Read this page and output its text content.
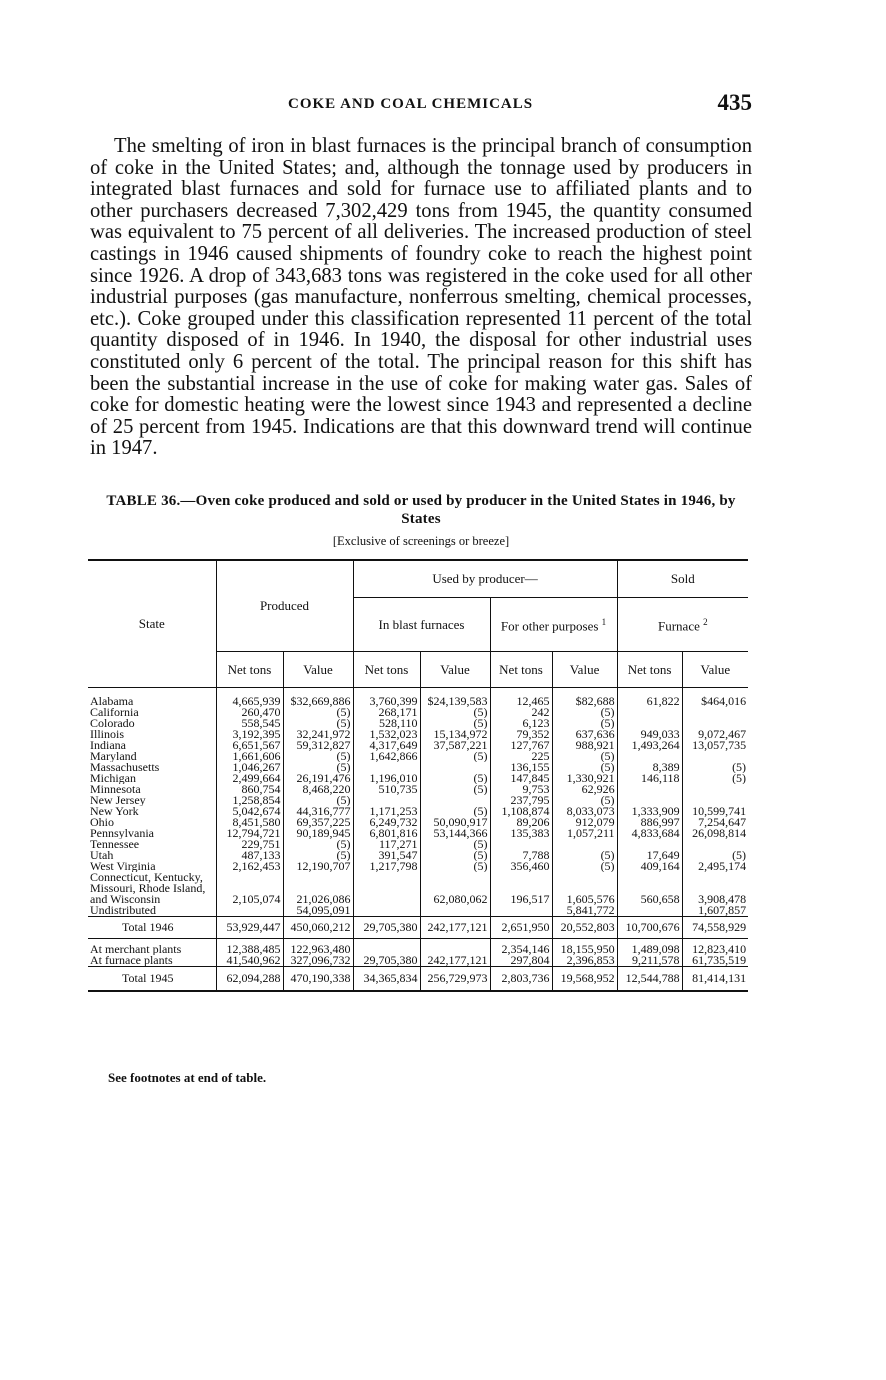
COKE AND COAL CHEMICALS	435
The smelting of iron in blast furnaces is the principal branch of consumption of coke in the United States; and, although the tonnage used by producers in integrated blast furnaces and sold for furnace use to affiliated plants and to other purchasers decreased 7,302,429 tons from 1945, the quantity consumed was equivalent to 75 percent of all deliveries. The increased production of steel castings in 1946 caused shipments of foundry coke to reach the highest point since 1926. A drop of 343,683 tons was registered in the coke used for all other industrial purposes (gas manufacture, nonferrous smelting, chemical processes, etc.). Coke grouped under this classification represented 11 percent of the total quantity disposed of in 1946. In 1940, the disposal for other industrial uses constituted only 6 percent of the total. The principal reason for this shift has been the substantial increase in the use of coke for making water gas. Sales of coke for domestic heating were the lowest since 1943 and represented a decline of 25 percent from 1945. Indications are that this downward trend will continue in 1947.
TABLE 36.—Oven coke produced and sold or used by producer in the United States in 1946, by States
[Exclusive of screenings or breeze]
State	Produced		Used by producer—				Sold	
			In blast furnaces		For other purposes $^1$		Furnace $^2$
	Net tons	Value	Net tons	Value	Net tons	Value	Net tons	Value
Alabama	4,665,939	$32,669,886	3,760,399	$24,139,583	12,465	$82,688	61,822	$464,016
California	260,470	(5)	268,171	(5)	242	(5)		
Colorado	558,545	(5)	528,110	(5)	6,123	(5)		
Illinois	3,192,395	32,241,972	1,532,023	15,134,972	79,352	637,636	949,033	9,072,467
Indiana	6,651,567	59,312,827	4,317,649	37,587,221	127,767	988,921	1,493,264	13,057,735
Maryland	1,661,606	(5)	1,642,866	(5)	225	(5)		
Massachusetts	1,046,267	(5)			136,155	(5)	8,389	(5)
Michigan	2,499,664	26,191,476	1,196,010	(5)	147,845	1,330,921	146,118	(5)
Minnesota	860,754	8,468,220	510,735	(5)	9,753	62,926		
New Jersey	1,258,854	(5)			237,795	(5)		
New York	5,042,674	44,316,777	1,171,253	(5)	1,108,874	8,033,073	1,333,909	10,599,741
Ohio	8,451,580	69,357,225	6,249,732	50,090,917	89,206	912,079	886,997	7,254,647
Pennsylvania	12,794,721	90,189,945	6,801,816	53,144,366	135,383	1,057,211	4,833,684	26,098,814
Tennessee	229,751	(5)	117,271	(5)				
Utah	487,133	(5)	391,547	(5)	7,788	(5)	17,649	(5)
West Virginia	2,162,453	12,190,707	1,217,798	(5)	356,460	(5)	409,164	2,495,174
Connecticut, Kentucky, Missouri, Rhode Island, and Wisconsin	2,105,074	21,026,086		62,080,062	196,517	1,605,576	560,658	3,908,478
Undistributed		54,095,091				5,841,772		1,607,857
Total 1946	53,929,447	450,060,212	29,705,380	242,177,121	2,651,950	20,552,803	10,700,676	74,558,929
At merchant plants	12,388,485	122,963,480			2,354,146	18,155,950	1,489,098	12,823,410
At furnace plants	41,540,962	327,096,732	29,705,380	242,177,121	297,804	2,396,853	9,211,578	61,735,519
Total 1945	62,094,288	470,190,338	34,365,834	256,729,973	2,803,736	19,568,952	12,544,788	81,414,131
See footnotes at end of table.
